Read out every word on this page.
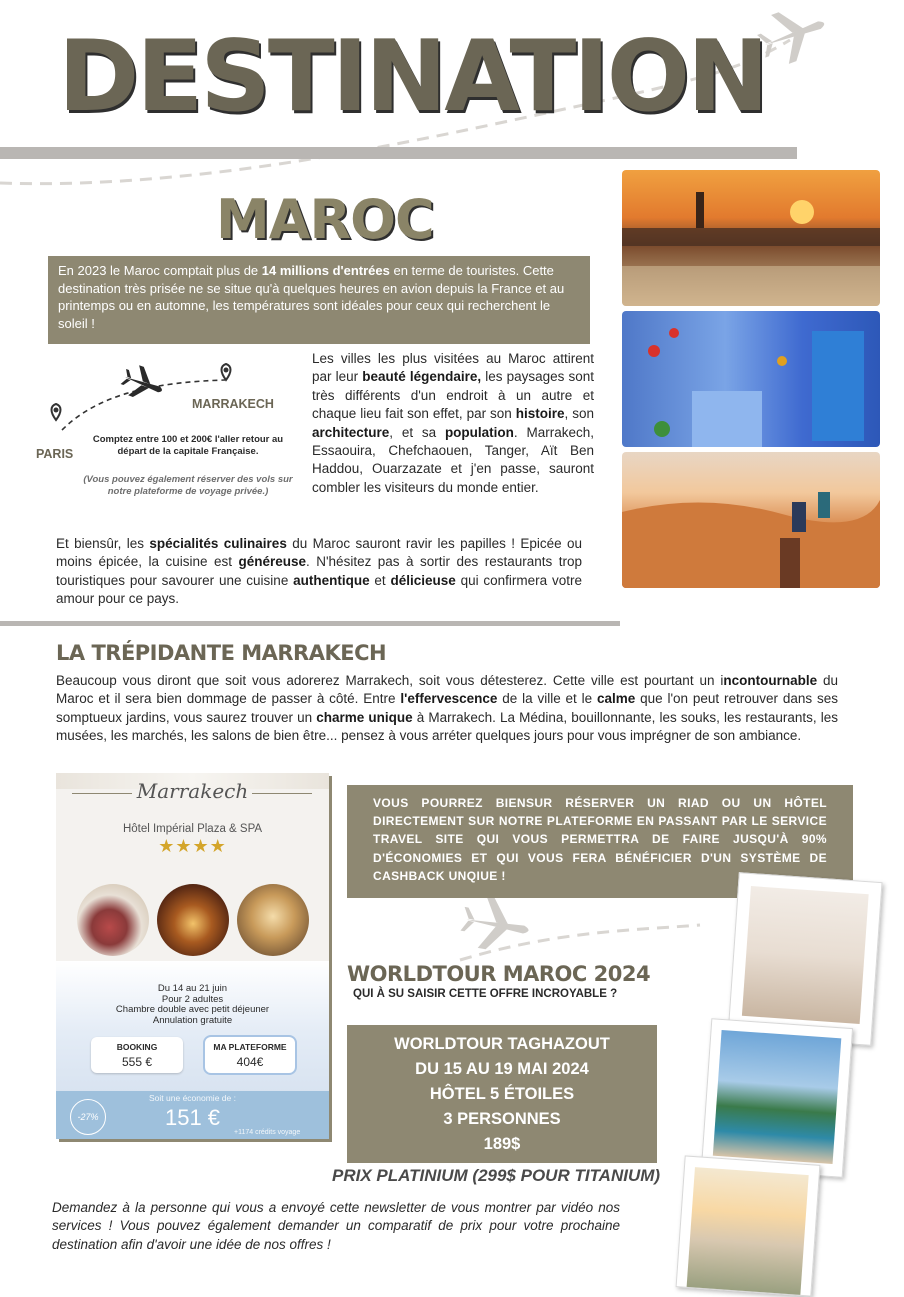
DESTINATION
MAROC
En 2023 le Maroc comptait plus de 14 millions d'entrées en terme de touristes. Cette destination très prisée ne se situe qu'à quelques heures en avion depuis la France et au printemps ou en automne, les températures sont idéales pour ceux qui recherchent le soleil !
MARRAKECH
PARIS
Comptez entre 100 et 200€ l'aller retour au départ de la capitale Française.
(Vous pouvez également réserver des vols sur notre plateforme de voyage privée.)
Les villes les plus visitées au Maroc attirent par leur beauté légendaire, les paysages sont très différents d'un endroit à un autre et chaque lieu fait son effet, par son histoire, son architecture, et sa population. Marrakech, Essaouira, Chefchaouen, Tanger, Aït Ben Haddou, Ouarzazate et j'en passe, sauront combler les visiteurs du monde entier.
Et biensûr, les spécialités culinaires du Maroc sauront ravir les papilles ! Epicée ou moins épicée, la cuisine est généreuse. N'hésitez pas à sortir des restaurants trop touristiques pour savourer une cuisine authentique et délicieuse qui confirmera votre amour pour ce pays.
LA TRÉPIDANTE MARRAKECH
Beaucoup vous diront que soit vous adorerez Marrakech, soit vous détesterez. Cette ville est pourtant un incontournable du Maroc et il sera bien dommage de passer à côté. Entre l'effervescence de la ville et le calme que l'on peut retrouver dans ses somptueux jardins, vous saurez trouver un charme unique à Marrakech. La Médina, bouillonnante, les souks, les restaurants, les musées, les marchés, les salons de bien être... pensez à vous arréter quelques jours pour vous imprégner de son ambiance.
Marrakech
Hôtel Impérial Plaza & SPA
★★★★
Du 14 au 21 juin
Pour 2 adultes
Chambre double avec petit déjeuner
Annulation gratuite
BOOKING
555 €
MA PLATEFORME
404€
Soit une économie de :
151 €
-27%
+1174 crédits voyage
VOUS POURREZ BIENSUR RÉSERVER UN RIAD OU UN HÔTEL DIRECTEMENT SUR NOTRE PLATEFORME EN PASSANT PAR LE SERVICE TRAVEL SITE QUI VOUS PERMETTRA DE FAIRE JUSQU'À 90% D'ÉCONOMIES ET QUI VOUS FERA BÉNÉFICIER D'UN SYSTÈME DE CASHBACK UNQIUE !
WORLDTOUR MAROC 2024
QUI À SU SAISIR CETTE OFFRE INCROYABLE ?
WORLDTOUR TAGHAZOUT
DU 15 AU 19 MAI 2024
HÔTEL 5 ÉTOILES
3 PERSONNES
189$
PRIX PLATINIUM (299$ POUR TITANIUM)
Demandez à la personne qui vous a envoyé cette newsletter de vous montrer par vidéo nos services ! Vous pouvez également demander un comparatif de prix pour votre prochaine destination afin d'avoir une idée de nos offres !
